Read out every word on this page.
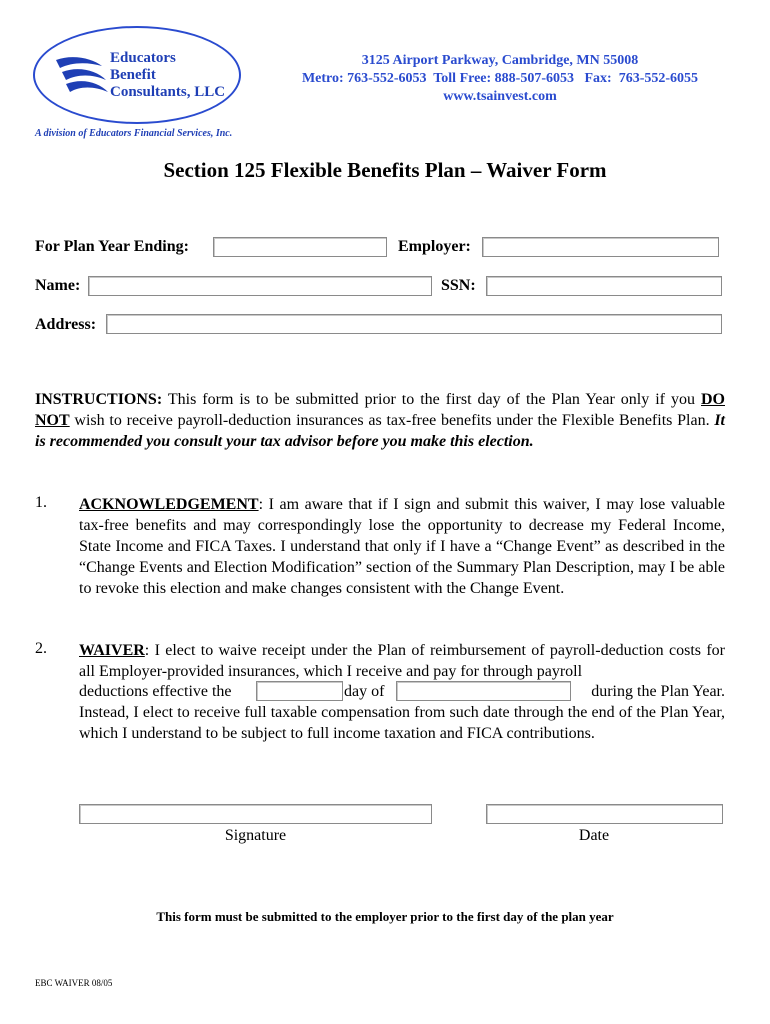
Educators
Benefit
Consultants, LLC
A division of Educators Financial Services, Inc.
3125 Airport Parkway, Cambridge, MN 55008
Metro: 763-552-6053  Toll Free: 888-507-6053   Fax:  763-552-6055
www.tsainvest.com
Section 125 Flexible Benefits Plan – Waiver Form
For Plan Year Ending:	Employer:
Name:	SSN:
Address:
INSTRUCTIONS: This form is to be submitted prior to the first day of the Plan Year only if you DO NOT wish to receive payroll-deduction insurances as tax-free benefits under the Flexible Benefits Plan. It is recommended you consult your tax advisor before you make this election.
1. ACKNOWLEDGEMENT: I am aware that if I sign and submit this waiver, I may lose valuable tax-free benefits and may correspondingly lose the opportunity to decrease my Federal Income, State Income and FICA Taxes. I understand that only if I have a “Change Event” as described in the “Change Events and Election Modification” section of the Summary Plan Description, may I be able to revoke this election and make changes consistent with the Change Event.
2. WAIVER: I elect to waive receipt under the Plan of reimbursement of payroll-deduction costs for all Employer-provided insurances, which I receive and pay for through payroll
deductions effective the	day of	during the Plan Year.
Instead, I elect to receive full taxable compensation from such date through the end of the Plan Year, which I understand to be subject to full income taxation and FICA contributions.
Signature	Date
This form must be submitted to the employer prior to the first day of the plan year
EBC WAIVER 08/05
